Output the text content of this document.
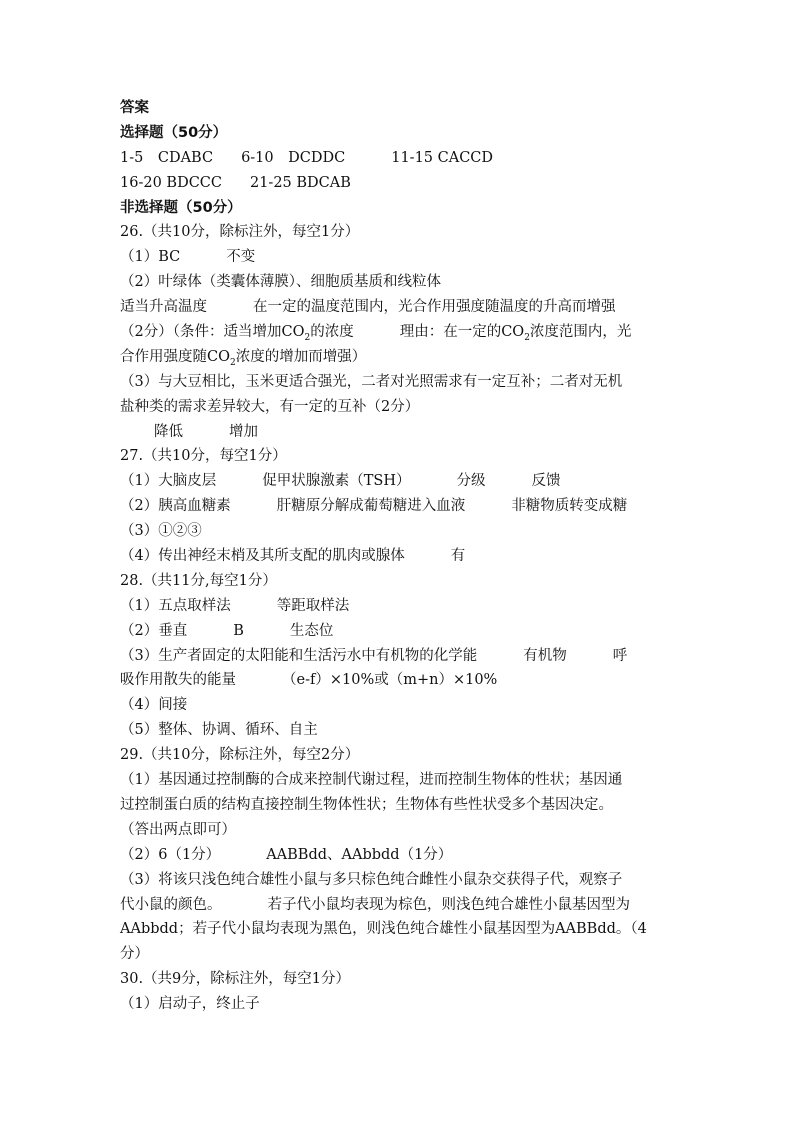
答案
选择题（50分）
1-5　CDABC 6-10　DCDDC	11-15 CACCD
16-20 BDCCC 21-25 BDCAB
非选择题（50分）
26.（共10分，除标注外，每空1分）
（1）BC	不变
（2）叶绿体（类囊体薄膜）、细胞质基质和线粒体
适当升高温度	在一定的温度范围内，光合作用强度随温度的升高而增强
（2分）（条件：适当增加$CO_2$的浓度	理由：在一定的$CO_2$浓度范围内，光
合作用强度随$CO_2$浓度的增加而增强）
（3）与大豆相比，玉米更适合强光，二者对光照需求有一定互补；二者对无机
盐种类的需求差异较大，有一定的互补（2分）
降低	增加
27.（共10分，每空1分）
（1）大脑皮层	促甲状腺激素（TSH）	分级	反馈
（2）胰高血糖素	肝糖原分解成葡萄糖进入血液	非糖物质转变成糖
（3）①②③
（4）传出神经末梢及其所支配的肌肉或腺体	有
28.（共11分,每空1分）
（1）五点取样法	等距取样法
（2）垂直	B	生态位
（3）生产者固定的太阳能和生活污水中有机物的化学能	有机物	呼
吸作用散失的能量	（e-f）×10%或（m+n）×10%
（4）间接
（5）整体、协调、循环、自主
29.（共10分，除标注外，每空2分）
（1）基因通过控制酶的合成来控制代谢过程，进而控制生物体的性状；基因通
过控制蛋白质的结构直接控制生物体性状；生物体有些性状受多个基因决定。
（答出两点即可）
（2）6（1分）	AABBdd、AAbbdd（1分）
（3）将该只浅色纯合雄性小鼠与多只棕色纯合雌性小鼠杂交获得子代，观察子
代小鼠的颜色。	若子代小鼠均表现为棕色，则浅色纯合雄性小鼠基因型为
AAbbdd；若子代小鼠均表现为黑色，则浅色纯合雄性小鼠基因型为AABBdd。（4
分）
30.（共9分，除标注外，每空1分）
（1）启动子，终止子
